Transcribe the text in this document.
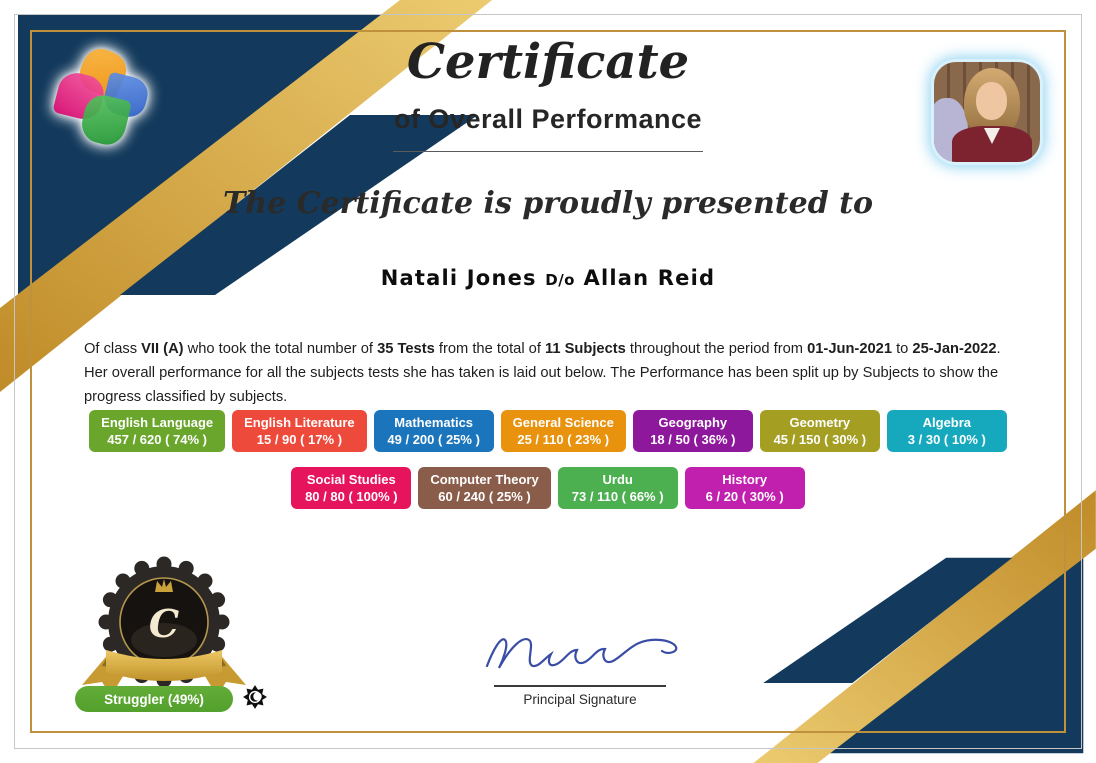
Certificate
of Overall Performance
The Certificate is proudly presented to
Natali Jones D/o Allan Reid

Of class VII (A) who took the total number of 35 Tests from the total of 11 Subjects throughout the period from 01-Jun-2021 to 25-Jan-2022. Her overall performance for all the subjects tests she has taken is laid out below. The Performance has been split up by Subjects to show the progress classified by subjects.

English Language
457 / 620 ( 74% )
English Literature
15 / 90 ( 17% )
Mathematics
49 / 200 ( 25% )
General Science
25 / 110 ( 23% )
Geography
18 / 50 ( 36% )
Geometry
45 / 150 ( 30% )
Algebra
3 / 30 ( 10% )
Social Studies
80 / 80 ( 100% )
Computer Theory
60 / 240 ( 25% )
Urdu
73 / 110 ( 66% )
History
6 / 20 ( 30% )
C
Struggler (49%)	Principal Signature
